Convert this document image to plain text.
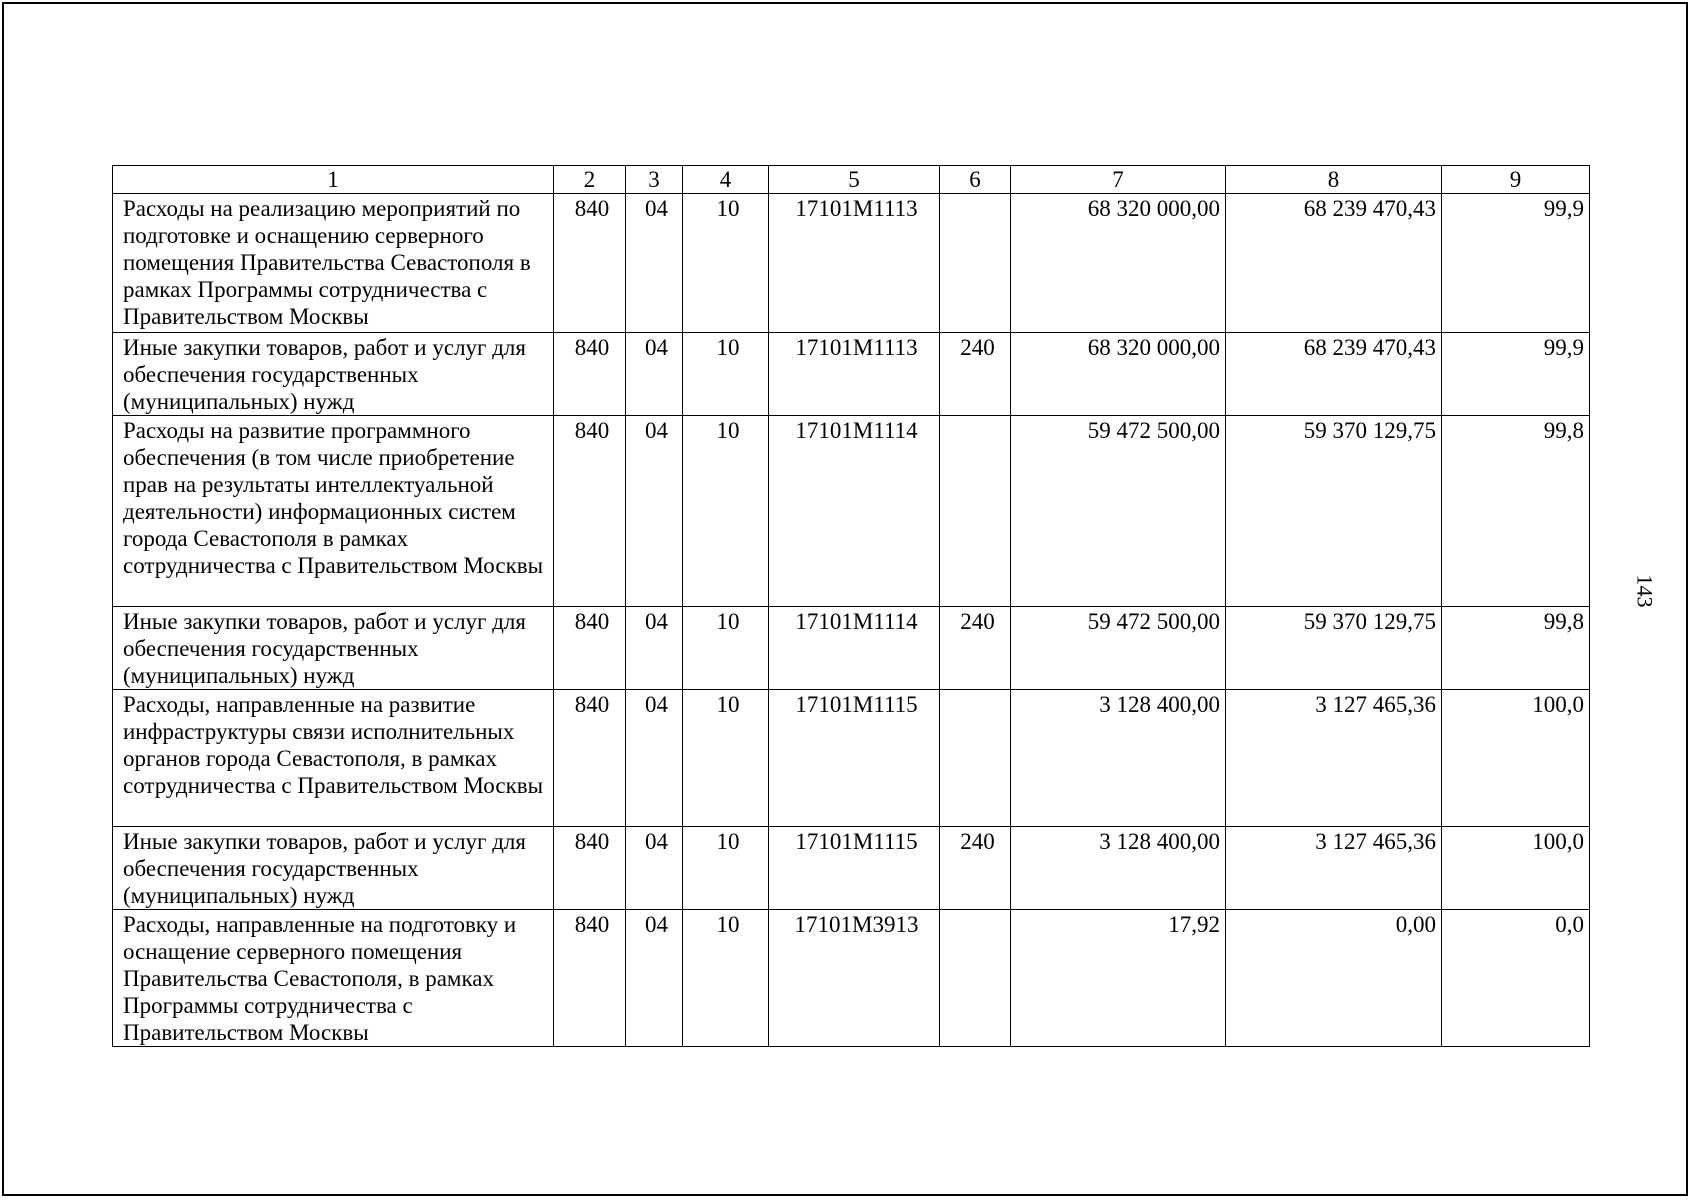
143
1	2	3	4	5	6	7	8	9
Расходы на реализацию мероприятий по подготовке и оснащению серверного помещения Правительства Севастополя в рамках Программы сотрудничества с Правительством Москвы	840	04	10	17101М1113		68 320 000,00	68 239 470,43	99,9
Иные закупки товаров, работ и услуг для обеспечения государственных (муниципальных) нужд	840	04	10	17101М1113	240	68 320 000,00	68 239 470,43	99,9
Расходы на развитие программного обеспечения (в том числе приобретение прав на результаты интеллектуальной деятельности) информационных систем города Севастополя в рамках сотрудничества с Правительством Москвы	840	04	10	17101М1114		59 472 500,00	59 370 129,75	99,8
Иные закупки товаров, работ и услуг для обеспечения государственных (муниципальных) нужд	840	04	10	17101М1114	240	59 472 500,00	59 370 129,75	99,8
Расходы, направленные на развитие инфраструктуры связи исполнительных органов города Севастополя, в рамках сотрудничества с Правительством Москвы	840	04	10	17101М1115		3 128 400,00	3 127 465,36	100,0
Иные закупки товаров, работ и услуг для обеспечения государственных (муниципальных) нужд	840	04	10	17101М1115	240	3 128 400,00	3 127 465,36	100,0
Расходы, направленные на подготовку и оснащение серверного помещения Правительства Севастополя, в рамках Программы сотрудничества с Правительством Москвы	840	04	10	17101М3913		17,92	0,00	0,0
